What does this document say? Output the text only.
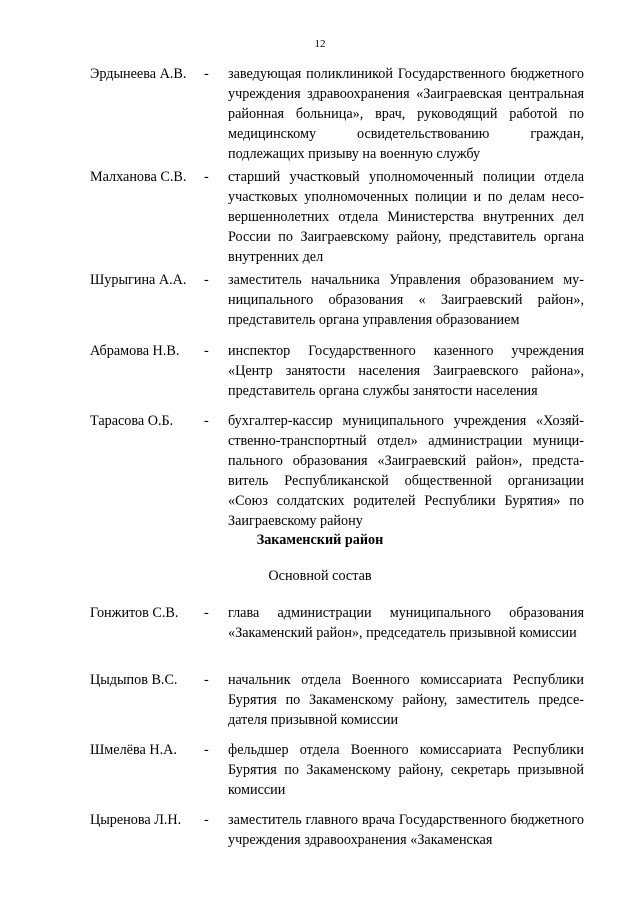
12
Эрдынеева А.В.	- заведующая поликлиникой Государственного бюджетного учреждения здравоохранения «Заиграевская центральная районная больница», врач, руководящий работой по медицинскому освидетельствованию граждан, подлежащих призыву на военную службу
Малханова С.В.	- старший участковый уполномоченный полиции отдела участковых уполномоченных полиции и по делам несовершеннолетних отдела Министерства внутренних дел России по Заиграевскому району, представитель органа внутренних дел
Шурыгина А.А.	- заместитель начальника Управления образованием муниципального образования « Заиграевский район», представитель органа управления образованием
Абрамова Н.В.	- инспектор Государственного казенного учреждения «Центр занятости населения Заиграевского района», представитель органа службы занятости населения
Тарасова О.Б.	- бухгалтер-кассир муниципального учреждения «Хозяйственно-транспортный отдел» администрации муниципального образования «Заиграевский район», представитель Республиканской общественной организации «Союз солдатских родителей Республики Бурятия» по Заиграевскому району
Закаменский район
Основной состав
Гонжитов С.В.	- глава администрации муниципального образования «Закаменский район», председатель призывной комиссии
Цыдыпов В.С.	- начальник отдела Военного комиссариата Республики Бурятия по Закаменскому району, заместитель председателя призывной комиссии
Шмелёва Н.А.	- фельдшер отдела Военного комиссариата Республики Бурятия по Закаменскому району, секретарь призывной комиссии
Цыренова Л.Н.	- заместитель главного врача Государственного бюджетного учреждения здравоохранения «Закаменская
